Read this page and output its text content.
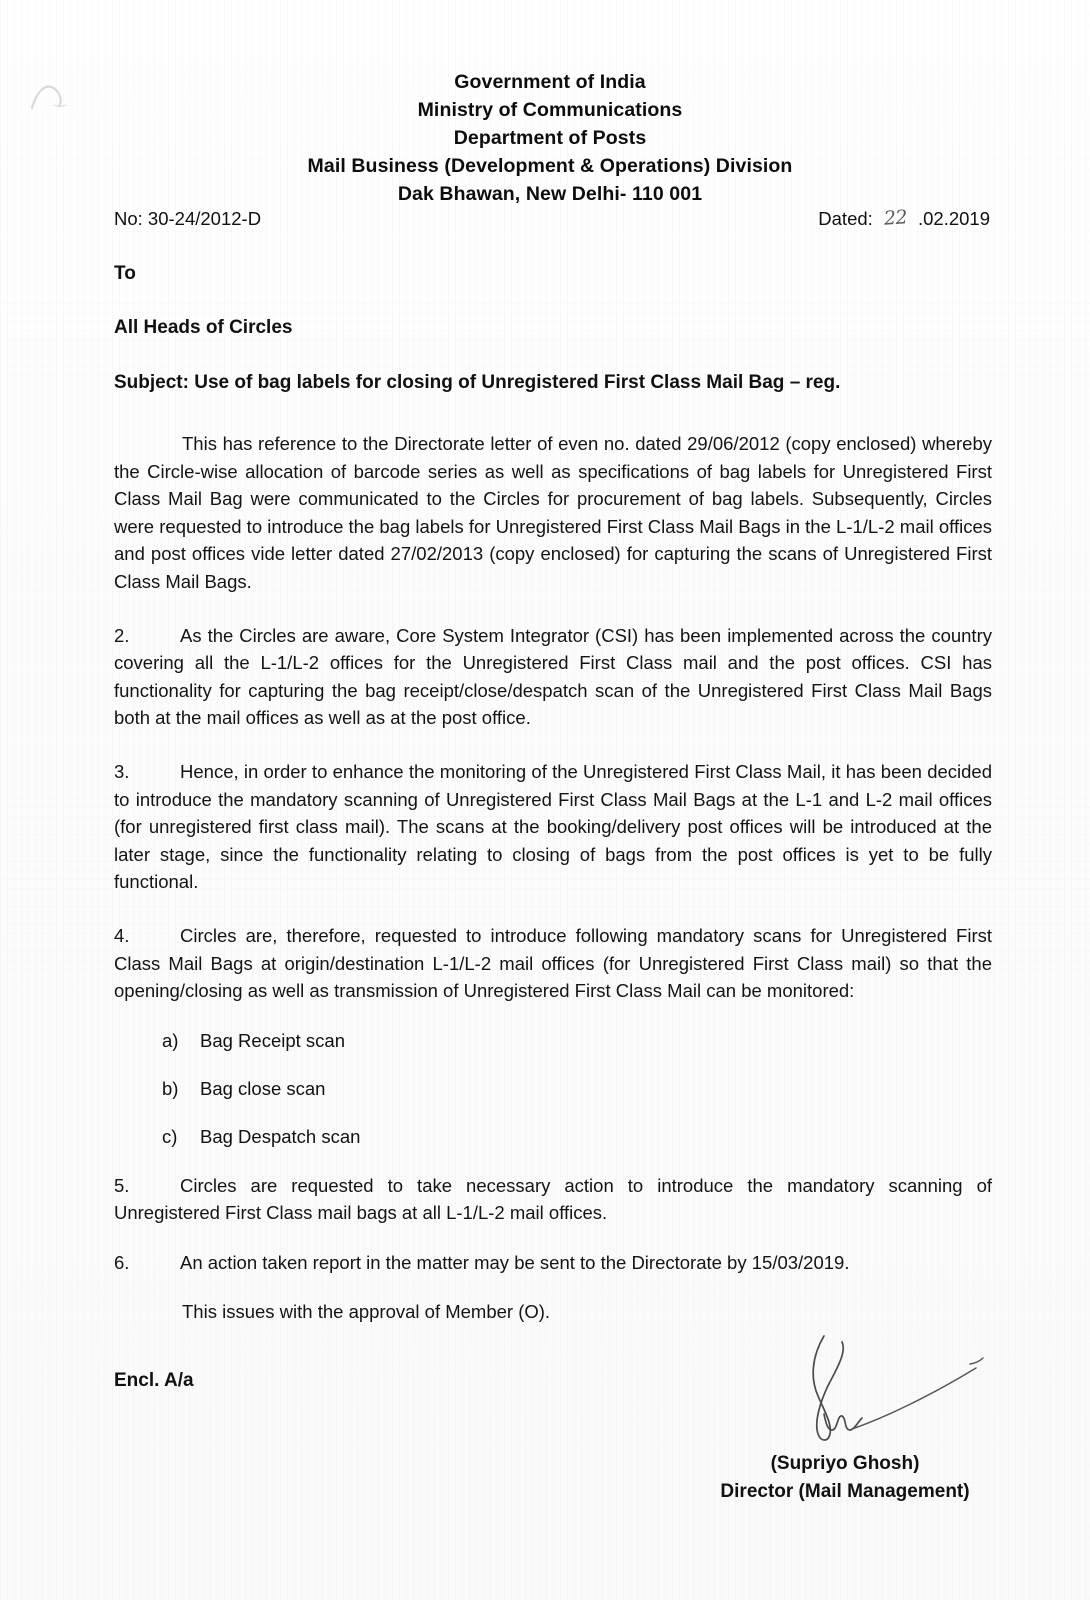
Government of India
Ministry of Communications
Department of Posts
Mail Business (Development & Operations) Division
Dak Bhawan, New Delhi- 110 001
No: 30-24/2012-D	Dated: 22 .02.2019
To
All Heads of Circles
Subject: Use of bag labels for closing of Unregistered First Class Mail Bag – reg.

This has reference to the Directorate letter of even no. dated 29/06/2012 (copy enclosed) whereby the Circle-wise allocation of barcode series as well as specifications of bag labels for Unregistered First Class Mail Bag were communicated to the Circles for procurement of bag labels. Subsequently, Circles were requested to introduce the bag labels for Unregistered First Class Mail Bags in the L-1/L-2 mail offices and post offices vide letter dated 27/02/2013 (copy enclosed) for capturing the scans of Unregistered First Class Mail Bags.

2.	As the Circles are aware, Core System Integrator (CSI) has been implemented across the country covering all the L-1/L-2 offices for the Unregistered First Class mail and the post offices. CSI has functionality for capturing the bag receipt/close/despatch scan of the Unregistered First Class Mail Bags both at the mail offices as well as at the post office.

3.	Hence, in order to enhance the monitoring of the Unregistered First Class Mail, it has been decided to introduce the mandatory scanning of Unregistered First Class Mail Bags at the L-1 and L-2 mail offices (for unregistered first class mail). The scans at the booking/delivery post offices will be introduced at the later stage, since the functionality relating to closing of bags from the post offices is yet to be fully functional.

4.	Circles are, therefore, requested to introduce following mandatory scans for Unregistered First Class Mail Bags at origin/destination L-1/L-2 mail offices (for Unregistered First Class mail) so that the opening/closing as well as transmission of Unregistered First Class Mail can be monitored:

a)	Bag Receipt scan
b)	Bag close scan
c)	Bag Despatch scan

5.	Circles are requested to take necessary action to introduce the mandatory scanning of Unregistered First Class mail bags at all L-1/L-2 mail offices.

6.	An action taken report in the matter may be sent to the Directorate by 15/03/2019.

This issues with the approval of Member (O).

Encl. A/a
(Supriyo Ghosh)
Director (Mail Management)
